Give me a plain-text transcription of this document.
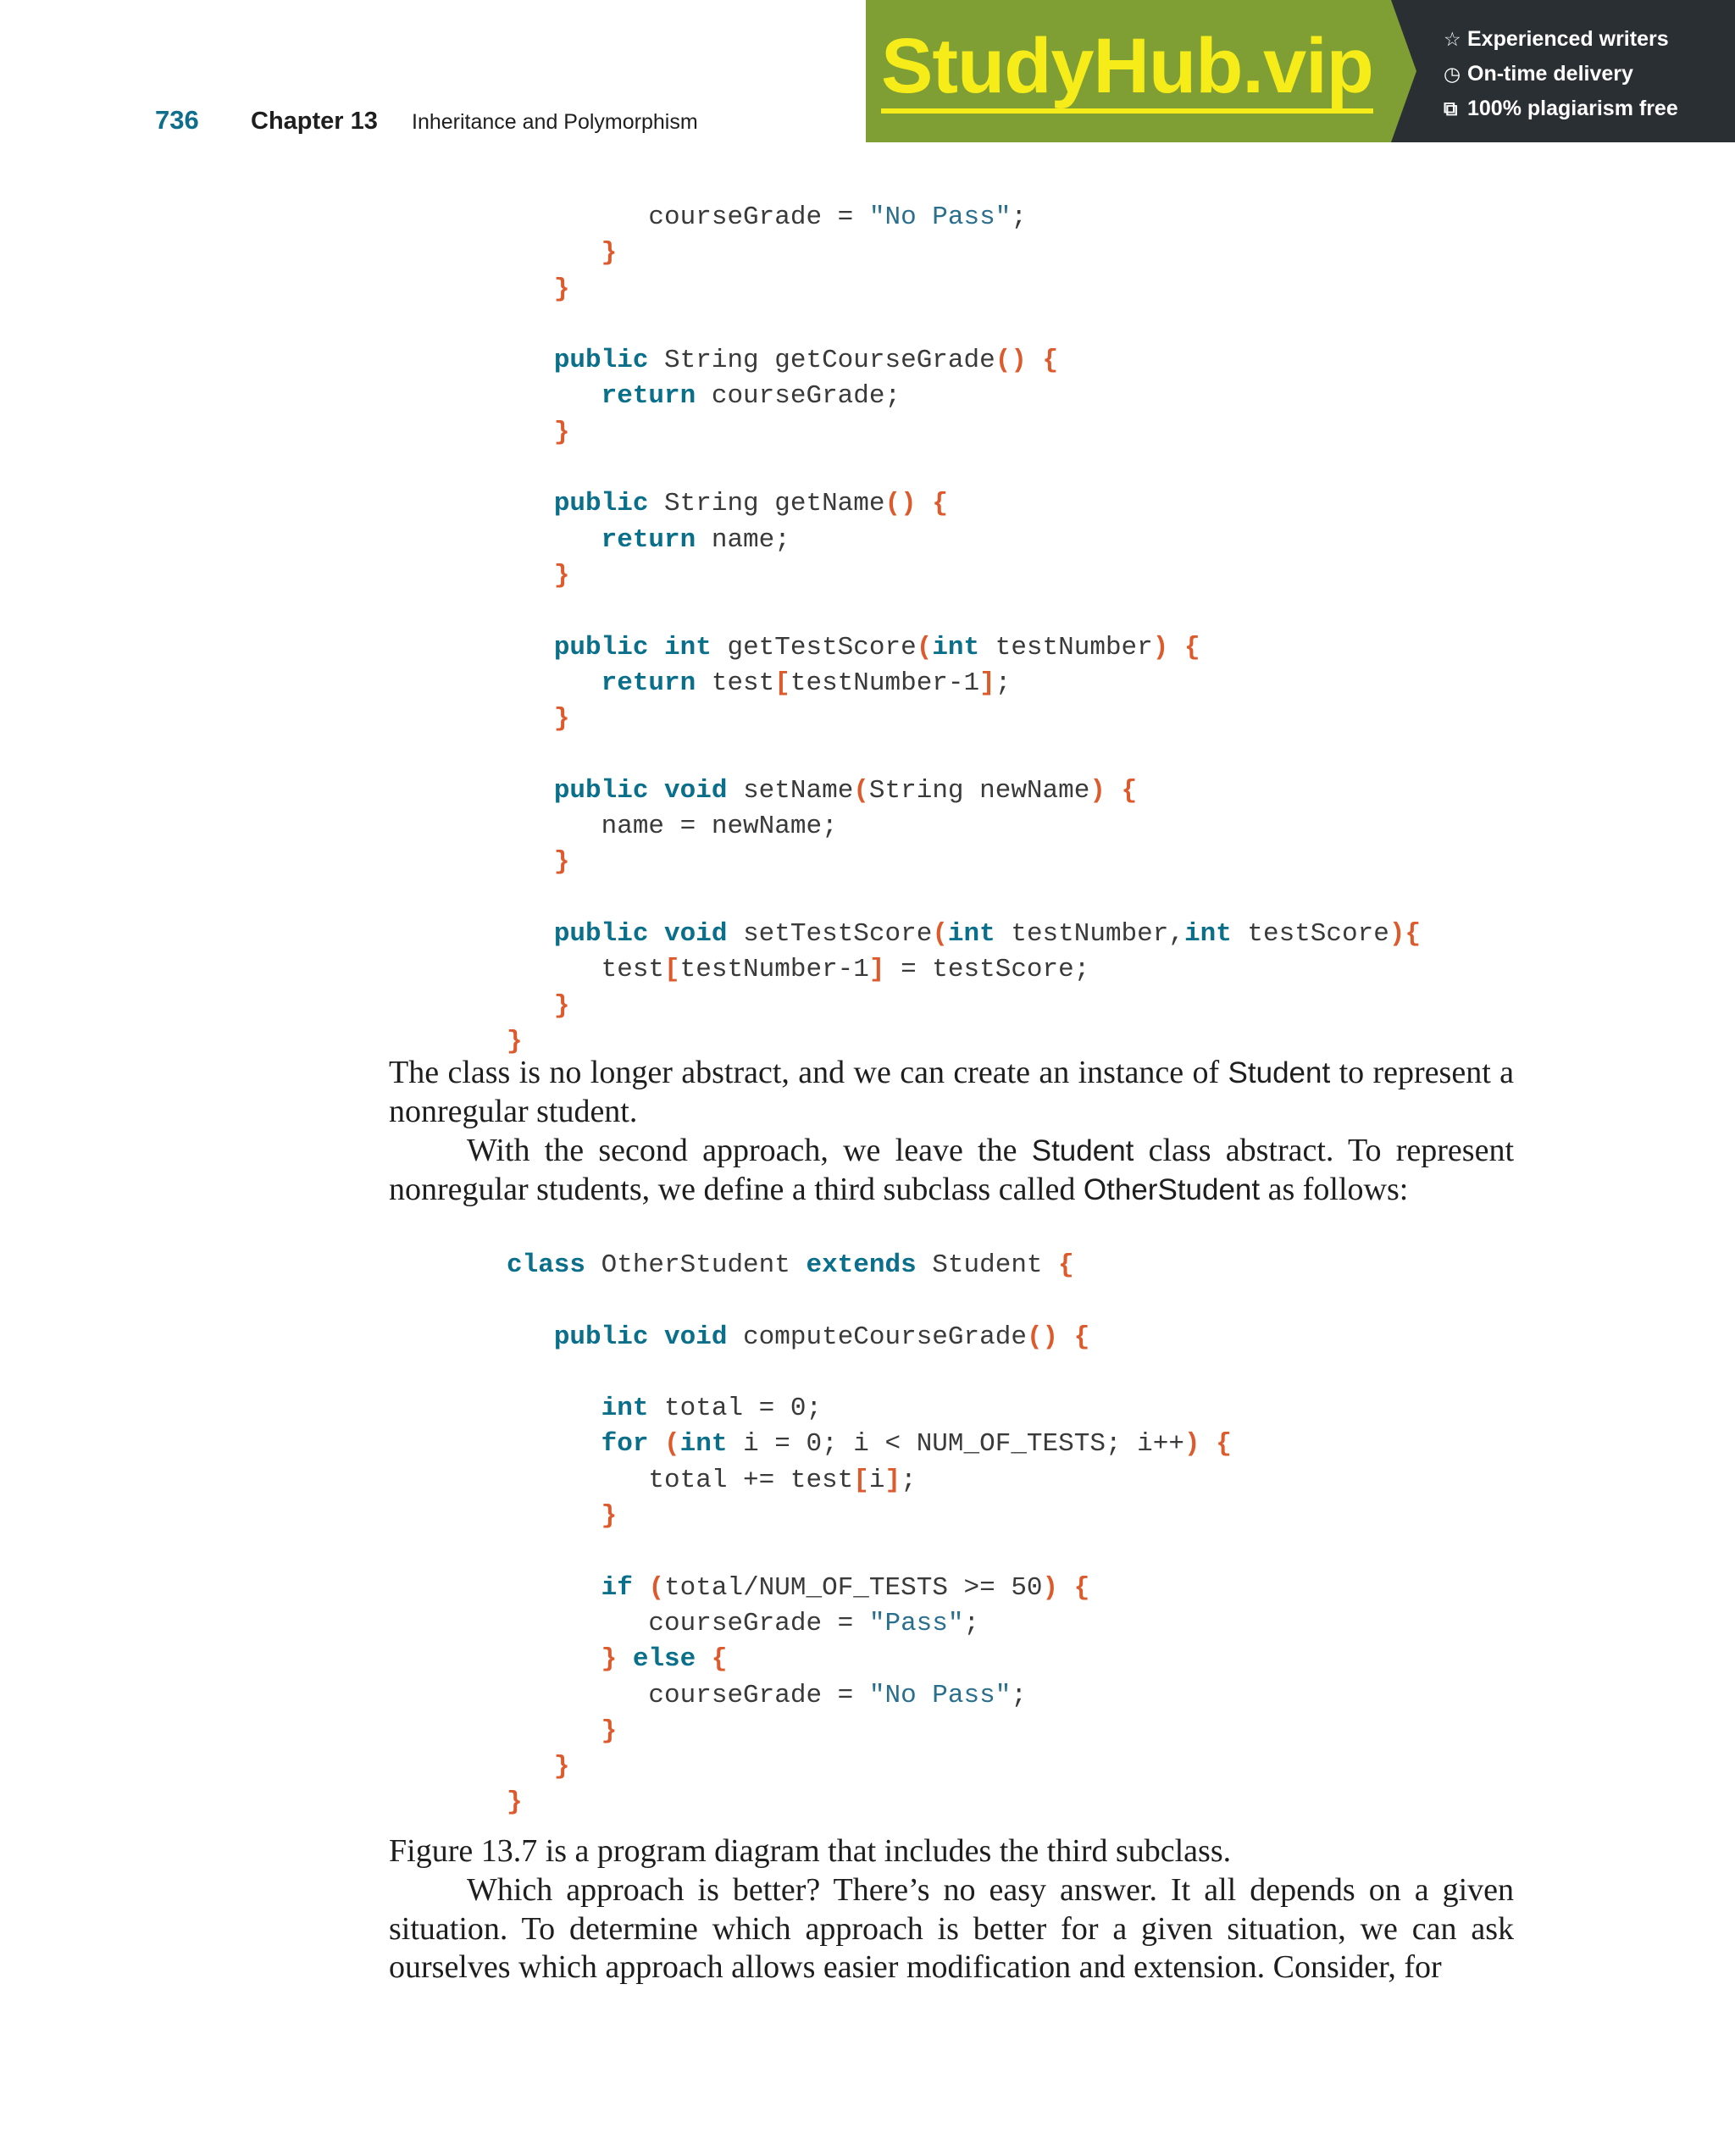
736	Chapter 13	Inheritance and Polymorphism
StudyHub.vip	☆ Experienced writers
◷ On-time delivery
⧉ 100% plagiarism free
courseGrade = "No Pass";
}
}
public String getCourseGrade() {
return courseGrade;
}
public String getName() {
return name;
}
public int getTestScore(int testNumber) {
return test[testNumber-1];
}
public void setName(String newName) {
name = newName;
}
public void setTestScore(int testNumber,int testScore){
test[testNumber-1] = testScore;
}
}

The class is no longer abstract, and we can create an instance of Student to represent a nonregular student.

With the second approach, we leave the Student class abstract. To represent nonregular students, we define a third subclass called OtherStudent as follows:

class OtherStudent extends Student {
public void computeCourseGrade() {
int total = 0;
for (int i = 0; i < NUM_OF_TESTS; i++) {
total += test[i];
}
if (total/NUM_OF_TESTS >= 50) {
courseGrade = "Pass";
} else {
courseGrade = "No Pass";
}
}
}

Figure 13.7 is a program diagram that includes the third subclass.

Which approach is better? There’s no easy answer. It all depends on a given situation. To determine which approach is better for a given situation, we can ask ourselves which approach allows easier modification and extension. Consider, for
